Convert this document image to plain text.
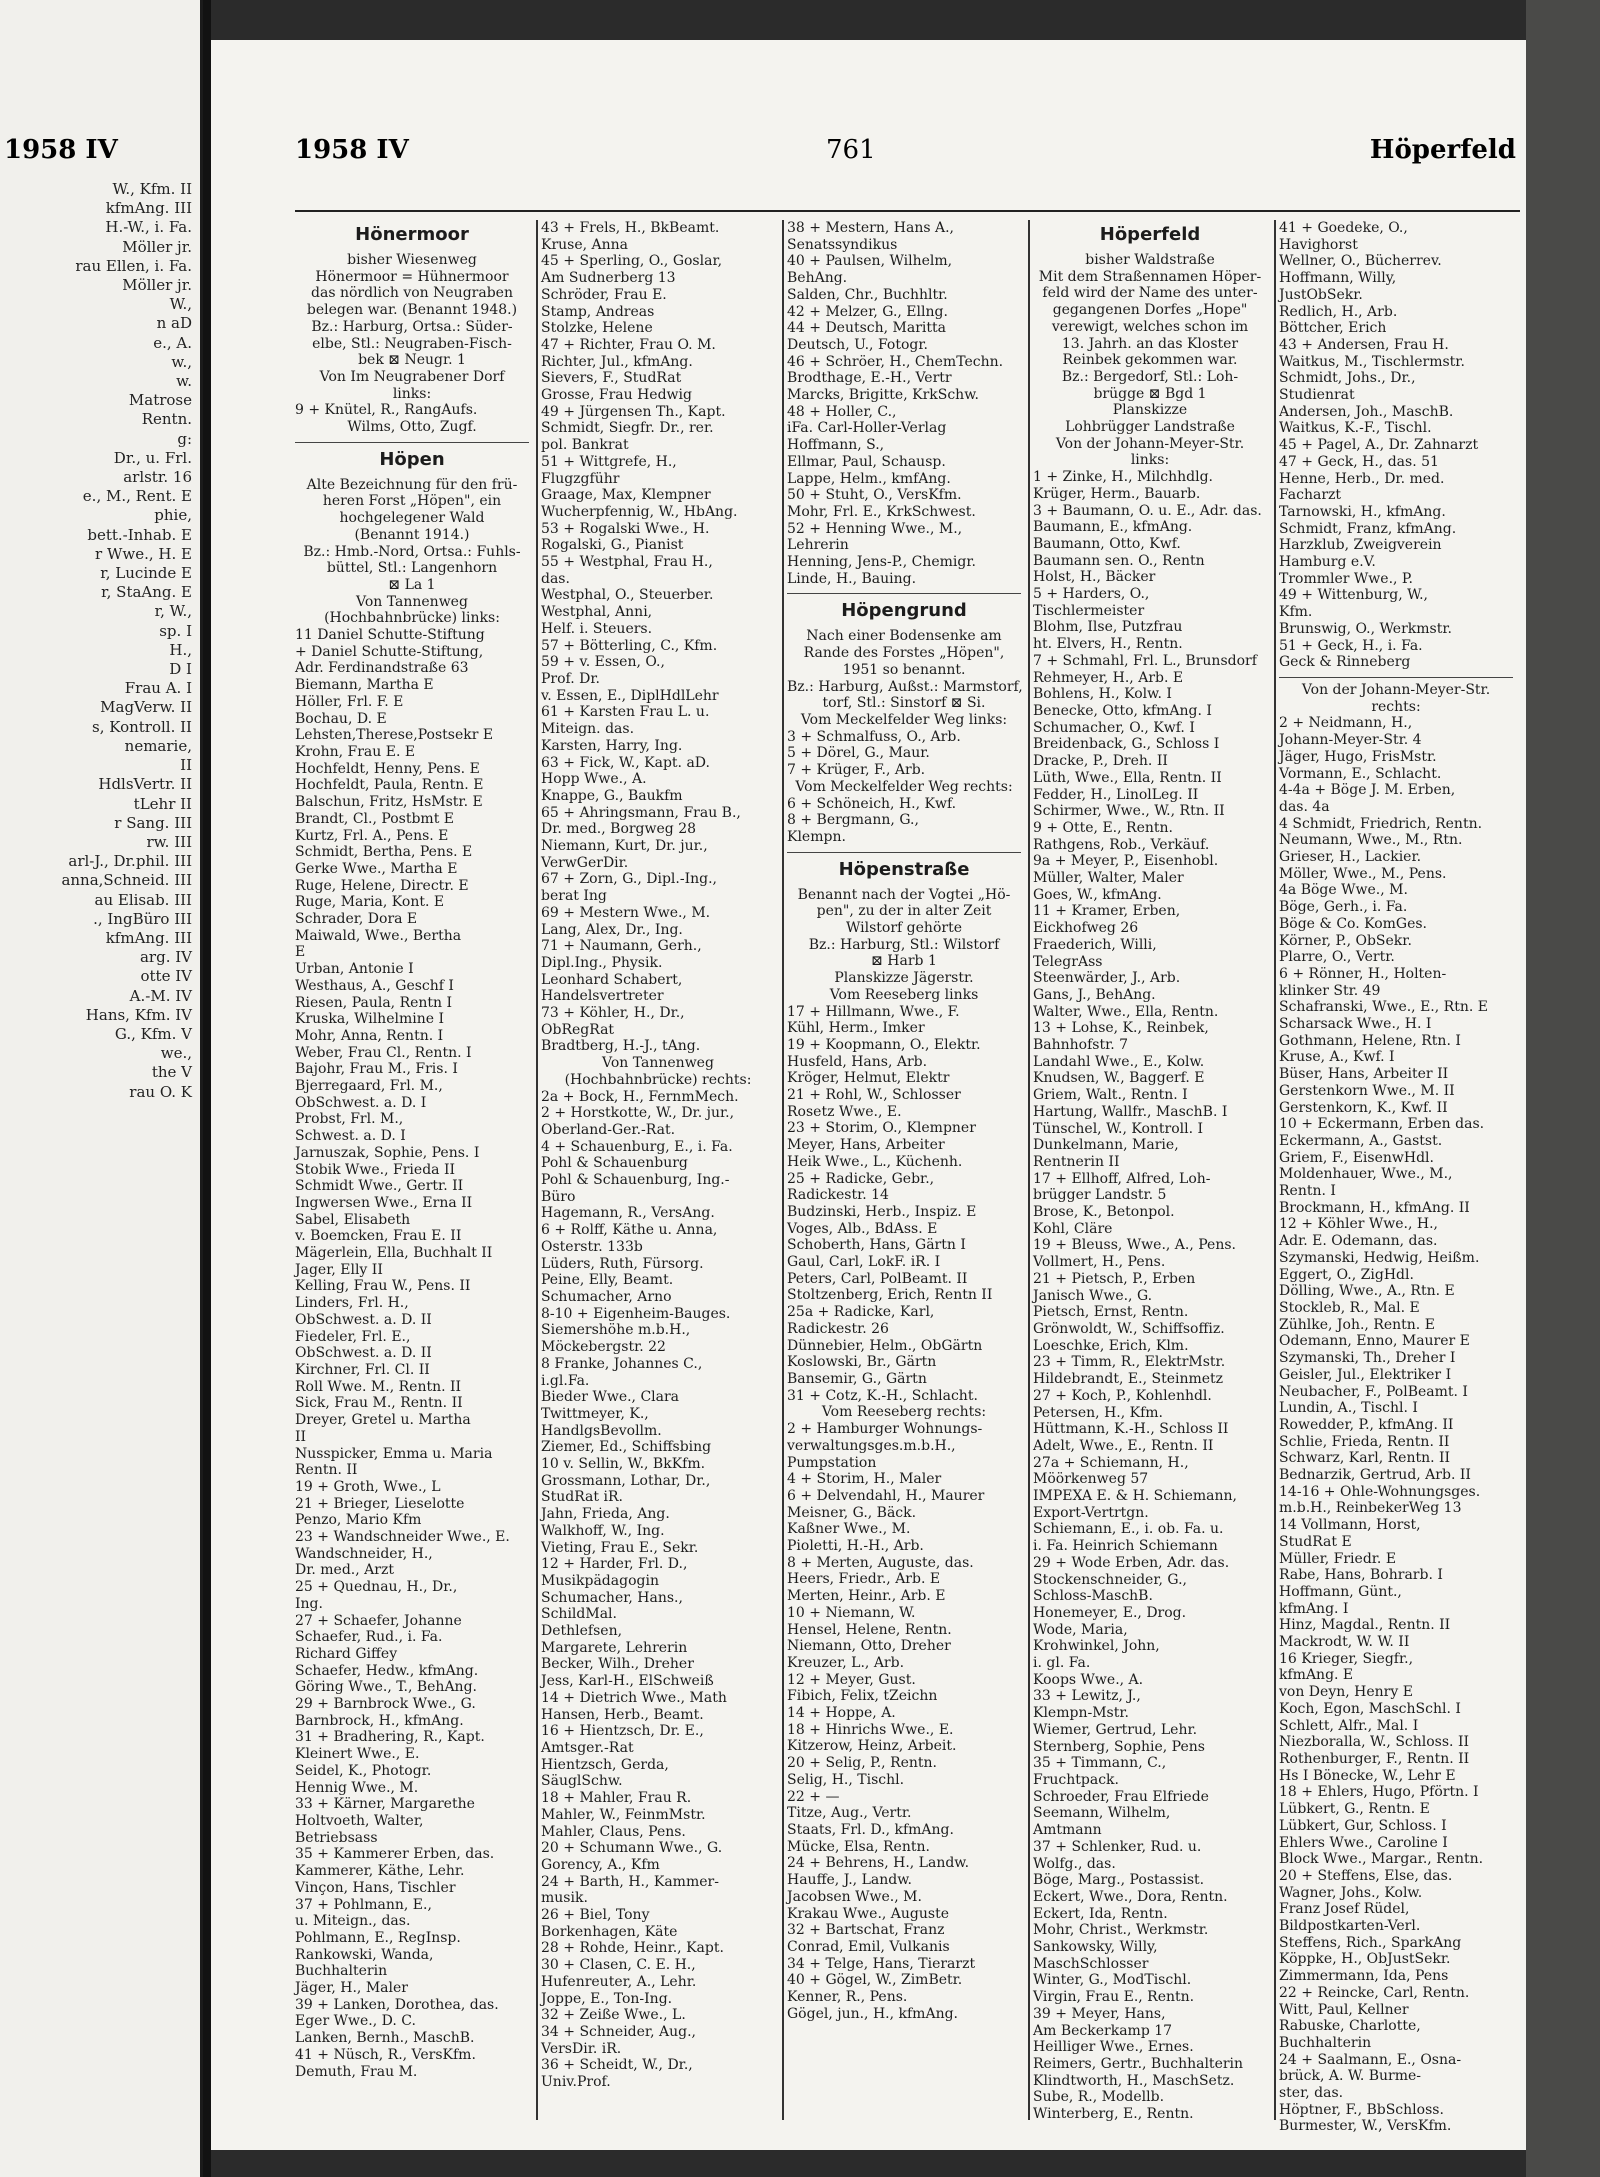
1958 IV
W., Kfm. II
kfmAng. III
H.-W., i. Fa.
Möller jr.
rau Ellen, i. Fa.
Möller jr.
W.,
n aD
e., A.
w.,
w.
Matrose
Rentn.
g:
Dr., u. Frl.
arlstr. 16
e., M., Rent. E
phie,
bett.-Inhab. E
r Wwe., H. E
r, Lucinde E
r, StaAng. E
r, W.,
sp. I
H.,
D I
Frau A. I
MagVerw. II
s, Kontroll. II
nemarie,
II
HdlsVertr. II
tLehr II
r Sang. III
rw. III
arl-J., Dr.phil. III
anna,Schneid. III
au Elisab. III
., IngBüro III
kfmAng. III
arg. IV
otte IV
A.-M. IV
Hans, Kfm. IV
G., Kfm. V
we.,
the V
rau O. K
1958 IV	761	Höperfeld
Hönermoor
bisher Wiesenweg
Hönermoor = Hühnermoor
das nördlich von Neugraben
belegen war. (Benannt 1948.)
Bz.: Harburg, Ortsa.: Süder-
elbe, Stl.: Neugraben-Fisch-
bek ⊠ Neugr. 1
Von Im Neugrabener Dorf
links:
9 + Knütel, R., RangAufs.
Wilms, Otto, Zugf.
Höpen
Alte Bezeichnung für den frü-
heren Forst „Höpen", ein
hochgelegener Wald
(Benannt 1914.)
Bz.: Hmb.-Nord, Ortsa.: Fuhls-
büttel, Stl.: Langenhorn
⊠ La 1
Von Tannenweg
(Hochbahnbrücke) links:
11 Daniel Schutte-Stiftung
+ Daniel Schutte-Stiftung,
Adr. Ferdinandstraße 63
Biemann, Martha E
Höller, Frl. F. E
Bochau, D. E
Lehsten,Therese,Postsekr E
Krohn, Frau E. E
Hochfeldt, Henny, Pens. E
Hochfeldt, Paula, Rentn. E
Balschun, Fritz, HsMstr. E
Brandt, Cl., Postbmt E
Kurtz, Frl. A., Pens. E
Schmidt, Bertha, Pens. E
Gerke Wwe., Martha E
Ruge, Helene, Directr. E
Ruge, Maria, Kont. E
Schrader, Dora E
Maiwald, Wwe., Bertha
E
Urban, Antonie I
Westhaus, A., Geschf I
Riesen, Paula, Rentn I
Kruska, Wilhelmine I
Mohr, Anna, Rentn. I
Weber, Frau Cl., Rentn. I
Bajohr, Frau M., Fris. I
Bjerregaard, Frl. M.,
ObSchwest. a. D. I
Probst, Frl. M.,
Schwest. a. D. I
Jarnuszak, Sophie, Pens. I
Stobik Wwe., Frieda II
Schmidt Wwe., Gertr. II
Ingwersen Wwe., Erna II
Sabel, Elisabeth
v. Boemcken, Frau E. II
Mägerlein, Ella, Buchhalt II
Jager, Elly II
Kelling, Frau W., Pens. II
Linders, Frl. H.,
ObSchwest. a. D. II
Fiedeler, Frl. E.,
ObSchwest. a. D. II
Kirchner, Frl. Cl. II
Roll Wwe. M., Rentn. II
Sick, Frau M., Rentn. II
Dreyer, Gretel u. Martha
II
Nusspicker, Emma u. Maria
Rentn. II
19 + Groth, Wwe., L
21 + Brieger, Lieselotte
Penzo, Mario Kfm
23 + Wandschneider Wwe., E.
Wandschneider, H.,
Dr. med., Arzt
25 + Quednau, H., Dr.,
Ing.
27 + Schaefer, Johanne
Schaefer, Rud., i. Fa.
Richard Giffey
Schaefer, Hedw., kfmAng.
Göring Wwe., T., BehAng.
29 + Barnbrock Wwe., G.
Barnbrock, H., kfmAng.
31 + Bradhering, R., Kapt.
Kleinert Wwe., E.
Seidel, K., Photogr.
Hennig Wwe., M.
33 + Kärner, Margarethe
Holtvoeth, Walter,
Betriebsass
35 + Kammerer Erben, das.
Kammerer, Käthe, Lehr.
Vinçon, Hans, Tischler
37 + Pohlmann, E.,
u. Miteign., das.
Pohlmann, E., RegInsp.
Rankowski, Wanda,
Buchhalterin
Jäger, H., Maler
39 + Lanken, Dorothea, das.
Eger Wwe., D. C.
Lanken, Bernh., MaschB.
41 + Nüsch, R., VersKfm.
Demuth, Frau M.
43 + Frels, H., BkBeamt.
Kruse, Anna
45 + Sperling, O., Goslar,
Am Sudnerberg 13
Schröder, Frau E.
Stamp, Andreas
Stolzke, Helene
47 + Richter, Frau O. M.
Richter, Jul., kfmAng.
Sievers, F., StudRat
Grosse, Frau Hedwig
49 + Jürgensen Th., Kapt.
Schmidt, Siegfr. Dr., rer.
pol. Bankrat
51 + Wittgrefe, H.,
Flugzgführ
Graage, Max, Klempner
Wucherpfennig, W., HbAng.
53 + Rogalski Wwe., H.
Rogalski, G., Pianist
55 + Westphal, Frau H.,
das.
Westphal, O., Steuerber.
Westphal, Anni,
Helf. i. Steuers.
57 + Bötterling, C., Kfm.
59 + v. Essen, O.,
Prof. Dr.
v. Essen, E., DiplHdlLehr
61 + Karsten Frau L. u.
Miteign. das.
Karsten, Harry, Ing.
63 + Fick, W., Kapt. aD.
Hopp Wwe., A.
Knappe, G., Baukfm
65 + Ahringsmann, Frau B.,
Dr. med., Borgweg 28
Niemann, Kurt, Dr. jur.,
VerwGerDir.
67 + Zorn, G., Dipl.-Ing.,
berat Ing
69 + Mestern Wwe., M.
Lang, Alex, Dr., Ing.
71 + Naumann, Gerh.,
Dipl.Ing., Physik.
Leonhard Schabert,
Handelsvertreter
73 + Köhler, H., Dr.,
ObRegRat
Bradtberg, H.-J., tAng.
Von Tannenweg
(Hochbahnbrücke) rechts:
2a + Bock, H., FernmMech.
2 + Horstkotte, W., Dr. jur.,
Oberland-Ger.-Rat.
4 + Schauenburg, E., i. Fa.
Pohl & Schauenburg
Pohl & Schauenburg, Ing.-
Büro
Hagemann, R., VersAng.
6 + Rolff, Käthe u. Anna,
Osterstr. 133b
Lüders, Ruth, Fürsorg.
Peine, Elly, Beamt.
Schumacher, Arno
8-10 + Eigenheim-Bauges.
Siemershöhe m.b.H.,
Möckebergstr. 22
8 Franke, Johannes C.,
i.gl.Fa.
Bieder Wwe., Clara
Twittmeyer, K.,
HandlgsBevollm.
Ziemer, Ed., Schiffsbing
10 v. Sellin, W., BkKfm.
Grossmann, Lothar, Dr.,
StudRat iR.
Jahn, Frieda, Ang.
Walkhoff, W., Ing.
Vieting, Frau E., Sekr.
12 + Harder, Frl. D.,
Musikpädagogin
Schumacher, Hans.,
SchildMal.
Dethlefsen,
Margarete, Lehrerin
Becker, Wilh., Dreher
Jess, Karl-H., ElSchweiß
14 + Dietrich Wwe., Math
Hansen, Herb., Beamt.
16 + Hientzsch, Dr. E.,
Amtsger.-Rat
Hientzsch, Gerda,
SäuglSchw.
18 + Mahler, Frau R.
Mahler, W., FeinmMstr.
Mahler, Claus, Pens.
20 + Schumann Wwe., G.
Gorency, A., Kfm
24 + Barth, H., Kammer-
musik.
26 + Biel, Tony
Borkenhagen, Käte
28 + Rohde, Heinr., Kapt.
30 + Clasen, C. E. H.,
Hufenreuter, A., Lehr.
Joppe, E., Ton-Ing.
32 + Zeiße Wwe., L.
34 + Schneider, Aug.,
VersDir. iR.
36 + Scheidt, W., Dr.,
Univ.Prof.
38 + Mestern, Hans A.,
Senatssyndikus
40 + Paulsen, Wilhelm,
BehAng.
Salden, Chr., Buchhltr.
42 + Melzer, G., Ellng.
44 + Deutsch, Maritta
Deutsch, U., Fotogr.
46 + Schröer, H., ChemTechn.
Brodthage, E.-H., Vertr
Marcks, Brigitte, KrkSchw.
48 + Holler, C.,
iFa. Carl-Holler-Verlag
Hoffmann, S.,
Ellmar, Paul, Schausp.
Lappe, Helm., kmfAng.
50 + Stuht, O., VersKfm.
Mohr, Frl. E., KrkSchwest.
52 + Henning Wwe., M.,
Lehrerin
Henning, Jens-P., Chemigr.
Linde, H., Bauing.
Höpengrund
Nach einer Bodensenke am
Rande des Forstes „Höpen",
1951 so benannt.
Bz.: Harburg, Außst.: Marmstorf,
torf, Stl.: Sinstorf ⊠ Si.
Vom Meckelfelder Weg links:
3 + Schmalfuss, O., Arb.
5 + Dörel, G., Maur.
7 + Krüger, F., Arb.
Vom Meckelfelder Weg rechts:
6 + Schöneich, H., Kwf.
8 + Bergmann, G.,
Klempn.
Höpenstraße
Benannt nach der Vogtei „Hö-
pen", zu der in alter Zeit
Wilstorf gehörte
Bz.: Harburg, Stl.: Wilstorf
⊠ Harb 1
Planskizze Jägerstr.
Vom Reeseberg links
17 + Hillmann, Wwe., F.
Kühl, Herm., Imker
19 + Koopmann, O., Elektr.
Husfeld, Hans, Arb.
Kröger, Helmut, Elektr
21 + Rohl, W., Schlosser
Rosetz Wwe., E.
23 + Storim, O., Klempner
Meyer, Hans, Arbeiter
Heik Wwe., L., Küchenh.
25 + Radicke, Gebr.,
Radickestr. 14
Budzinski, Herb., Inspiz. E
Voges, Alb., BdAss. E
Schoberth, Hans, Gärtn I
Gaul, Carl, LokF. iR. I
Peters, Carl, PolBeamt. II
Stoltzenberg, Erich, Rentn II
25a + Radicke, Karl,
Radickestr. 26
Dünnebier, Helm., ObGärtn
Koslowski, Br., Gärtn
Bansemir, G., Gärtn
31 + Cotz, K.-H., Schlacht.
Vom Reeseberg rechts:
2 + Hamburger Wohnungs-
verwaltungsges.m.b.H.,
Pumpstation
4 + Storim, H., Maler
6 + Delvendahl, H., Maurer
Meisner, G., Bäck.
Kaßner Wwe., M.
Pioletti, H.-H., Arb.
8 + Merten, Auguste, das.
Heers, Friedr., Arb. E
Merten, Heinr., Arb. E
10 + Niemann, W.
Hensel, Helene, Rentn.
Niemann, Otto, Dreher
Kreuzer, L., Arb.
12 + Meyer, Gust.
Fibich, Felix, tZeichn
14 + Hoppe, A.
18 + Hinrichs Wwe., E.
Kitzerow, Heinz, Arbeit.
20 + Selig, P., Rentn.
Selig, H., Tischl.
22 + —
Titze, Aug., Vertr.
Staats, Frl. D., kfmAng.
Mücke, Elsa, Rentn.
24 + Behrens, H., Landw.
Hauffe, J., Landw.
Jacobsen Wwe., M.
Krakau Wwe., Auguste
32 + Bartschat, Franz
Conrad, Emil, Vulkanis
34 + Telge, Hans, Tierarzt
40 + Gögel, W., ZimBetr.
Kenner, R., Pens.
Gögel, jun., H., kfmAng.
Höperfeld
bisher Waldstraße
Mit dem Straßennamen Höper-
feld wird der Name des unter-
gegangenen Dorfes „Hope"
verewigt, welches schon im
13. Jahrh. an das Kloster
Reinbek gekommen war.
Bz.: Bergedorf, Stl.: Loh-
brügge ⊠ Bgd 1
Planskizze
Lohbrügger Landstraße
Von der Johann-Meyer-Str.
links:
1 + Zinke, H., Milchhdlg.
Krüger, Herm., Bauarb.
3 + Baumann, O. u. E., Adr. das.
Baumann, E., kfmAng.
Baumann, Otto, Kwf.
Baumann sen. O., Rentn
Holst, H., Bäcker
5 + Harders, O.,
Tischlermeister
Blohm, Ilse, Putzfrau
ht. Elvers, H., Rentn.
7 + Schmahl, Frl. L., Brunsdorf
Rehmeyer, H., Arb. E
Bohlens, H., Kolw. I
Benecke, Otto, kfmAng. I
Schumacher, O., Kwf. I
Breidenback, G., Schloss I
Dracke, P., Dreh. II
Lüth, Wwe., Ella, Rentn. II
Fedder, H., LinolLeg. II
Schirmer, Wwe., W., Rtn. II
9 + Otte, E., Rentn.
Rathgens, Rob., Verkäuf.
9a + Meyer, P., Eisenhobl.
Müller, Walter, Maler
Goes, W., kfmAng.
11 + Kramer, Erben,
Eickhofweg 26
Fraederich, Willi,
TelegrAss
Steenwärder, J., Arb.
Gans, J., BehAng.
Walter, Wwe., Ella, Rentn.
13 + Lohse, K., Reinbek,
Bahnhofstr. 7
Landahl Wwe., E., Kolw.
Knudsen, W., Baggerf. E
Griem, Walt., Rentn. I
Hartung, Wallfr., MaschB. I
Tünschel, W., Kontroll. I
Dunkelmann, Marie,
Rentnerin II
17 + Ellhoff, Alfred, Loh-
brügger Landstr. 5
Brose, K., Betonpol.
Kohl, Cläre
19 + Bleuss, Wwe., A., Pens.
Vollmert, H., Pens.
21 + Pietsch, P., Erben
Janisch Wwe., G.
Pietsch, Ernst, Rentn.
Grönwoldt, W., Schiffsoffiz.
Loeschke, Erich, Klm.
23 + Timm, R., ElektrMstr.
Hildebrandt, E., Steinmetz
27 + Koch, P., Kohlenhdl.
Petersen, H., Kfm.
Hüttmann, K.-H., Schloss II
Adelt, Wwe., E., Rentn. II
27a + Schiemann, H.,
Möörkenweg 57
IMPEXA E. & H. Schiemann,
Export-Vertrtgn.
Schiemann, E., i. ob. Fa. u.
i. Fa. Heinrich Schiemann
29 + Wode Erben, Adr. das.
Stockenschneider, G.,
Schloss-MaschB.
Honemeyer, E., Drog.
Wode, Maria,
Krohwinkel, John,
i. gl. Fa.
Koops Wwe., A.
33 + Lewitz, J.,
Klempn-Mstr.
Wiemer, Gertrud, Lehr.
Sternberg, Sophie, Pens
35 + Timmann, C.,
Fruchtpack.
Schroeder, Frau Elfriede
Seemann, Wilhelm,
Amtmann
37 + Schlenker, Rud. u.
Wolfg., das.
Böge, Marg., Postassist.
Eckert, Wwe., Dora, Rentn.
Eckert, Ida, Rentn.
Mohr, Christ., Werkmstr.
Sankowsky, Willy,
MaschSchlosser
Winter, G., ModTischl.
Virgin, Frau E., Rentn.
39 + Meyer, Hans,
Am Beckerkamp 17
Heilliger Wwe., Ernes.
Reimers, Gertr., Buchhalterin
Klindtworth, H., MaschSetz.
Sube, R., Modellb.
Winterberg, E., Rentn.
41 + Goedeke, O.,
Havighorst
Wellner, O., Bücherrev.
Hoffmann, Willy,
JustObSekr.
Redlich, H., Arb.
Böttcher, Erich
43 + Andersen, Frau H.
Waitkus, M., Tischlermstr.
Schmidt, Johs., Dr.,
Studienrat
Andersen, Joh., MaschB.
Waitkus, K.-F., Tischl.
45 + Pagel, A., Dr. Zahnarzt
47 + Geck, H., das. 51
Henne, Herb., Dr. med.
Facharzt
Tarnowski, H., kfmAng.
Schmidt, Franz, kfmAng.
Harzklub, Zweigverein
Hamburg e.V.
Trommler Wwe., P.
49 + Wittenburg, W.,
Kfm.
Brunswig, O., Werkmstr.
51 + Geck, H., i. Fa.
Geck & Rinneberg
Von der Johann-Meyer-Str.
rechts:
2 + Neidmann, H.,
Johann-Meyer-Str. 4
Jäger, Hugo, FrisMstr.
Vormann, E., Schlacht.
4-4a + Böge J. M. Erben,
das. 4a
4 Schmidt, Friedrich, Rentn.
Neumann, Wwe., M., Rtn.
Grieser, H., Lackier.
Möller, Wwe., M., Pens.
4a Böge Wwe., M.
Böge, Gerh., i. Fa.
Böge & Co. KomGes.
Körner, P., ObSekr.
Plarre, O., Vertr.
6 + Rönner, H., Holten-
klinker Str. 49
Schafranski, Wwe., E., Rtn. E
Scharsack Wwe., H. I
Gothmann, Helene, Rtn. I
Kruse, A., Kwf. I
Büser, Hans, Arbeiter II
Gerstenkorn Wwe., M. II
Gerstenkorn, K., Kwf. II
10 + Eckermann, Erben das.
Eckermann, A., Gastst.
Griem, F., EisenwHdl.
Moldenhauer, Wwe., M.,
Rentn. I
Brockmann, H., kfmAng. II
12 + Köhler Wwe., H.,
Adr. E. Odemann, das.
Szymanski, Hedwig, Heißm.
Eggert, O., ZigHdl.
Dölling, Wwe., A., Rtn. E
Stockleb, R., Mal. E
Zühlke, Joh., Rentn. E
Odemann, Enno, Maurer E
Szymanski, Th., Dreher I
Geisler, Jul., Elektriker I
Neubacher, F., PolBeamt. I
Lundin, A., Tischl. I
Rowedder, P., kfmAng. II
Schlie, Frieda, Rentn. II
Schwarz, Karl, Rentn. II
Bednarzik, Gertrud, Arb. II
14-16 + Ohle-Wohnungsges.
m.b.H., ReinbekerWeg 13
14 Vollmann, Horst,
StudRat E
Müller, Friedr. E
Rabe, Hans, Bohrarb. I
Hoffmann, Günt.,
kfmAng. I
Hinz, Magdal., Rentn. II
Mackrodt, W. W. II
16 Krieger, Siegfr.,
kfmAng. E
von Deyn, Henry E
Koch, Egon, MaschSchl. I
Schlett, Alfr., Mal. I
Niezboralla, W., Schloss. II
Rothenburger, F., Rentn. II
Hs I Bönecke, W., Lehr E
18 + Ehlers, Hugo, Pförtn. I
Lübkert, G., Rentn. E
Lübkert, Gur, Schloss. I
Ehlers Wwe., Caroline I
Block Wwe., Margar., Rentn.
20 + Steffens, Else, das.
Wagner, Johs., Kolw.
Franz Josef Rüdel,
Bildpostkarten-Verl.
Steffens, Rich., SparkAng
Köppke, H., ObJustSekr.
Zimmermann, Ida, Pens
22 + Reincke, Carl, Rentn.
Witt, Paul, Kellner
Rabuske, Charlotte,
Buchhalterin
24 + Saalmann, E., Osna-
brück, A. W. Burme-
ster, das.
Höptner, F., BbSchloss.
Burmester, W., VersKfm.
